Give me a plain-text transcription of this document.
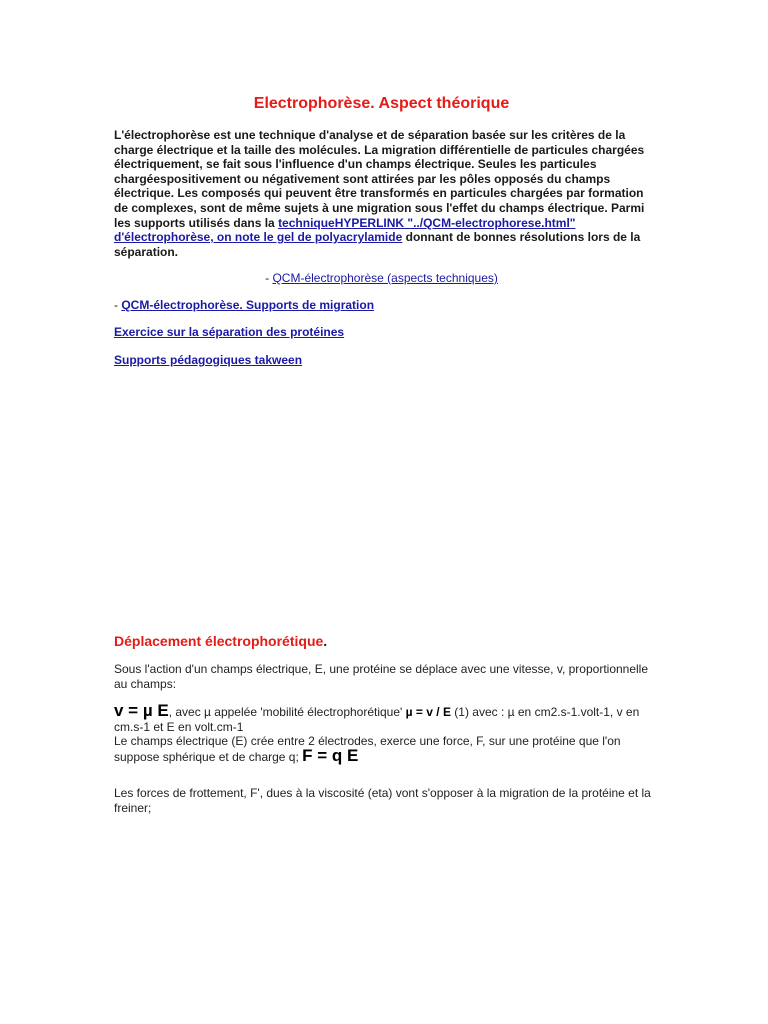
Electrophorèse. Aspect théorique

L'électrophorèse est une technique d'analyse et de séparation basée sur les critères de la charge électrique et la taille des molécules. La migration différentielle de particules chargées électriquement, se fait sous l'influence d'un champs électrique. Seules les particules chargéespositivement ou négativement sont attirées par les pôles opposés du champs électrique. Les composés qui peuvent être transformés en particules chargées par formation de complexes, sont de même sujets à une migration sous l'effet du champs électrique. Parmi les supports utilisés dans la techniqueHYPERLINK "../QCM-electrophorese.html" d'électrophorèse, on note le gel de polyacrylamide donnant de bonnes résolutions lors de la séparation.

- QCM-électrophorèse (aspects techniques)

- QCM-électrophorèse. Supports de migration

Exercice sur la séparation des protéines

Supports pédagogiques takween

Déplacement électrophorétique.

Sous l'action d'un champs électrique, E, une protéine se déplace avec une vitesse, v, proportionnelle au champs:

v = µ E, avec µ appelée 'mobilité électrophorétique' µ = v / E (1) avec : µ en cm2.s-1.volt-1, v en cm.s-1 et E en volt.cm-1
Le champs électrique (E) crée entre 2 électrodes, exerce une force, F, sur une protéine que l'on suppose sphérique et de charge q; F = q E

Les forces de frottement, F', dues à la viscosité (eta) vont s'opposer à la migration de la protéine et la freiner;
